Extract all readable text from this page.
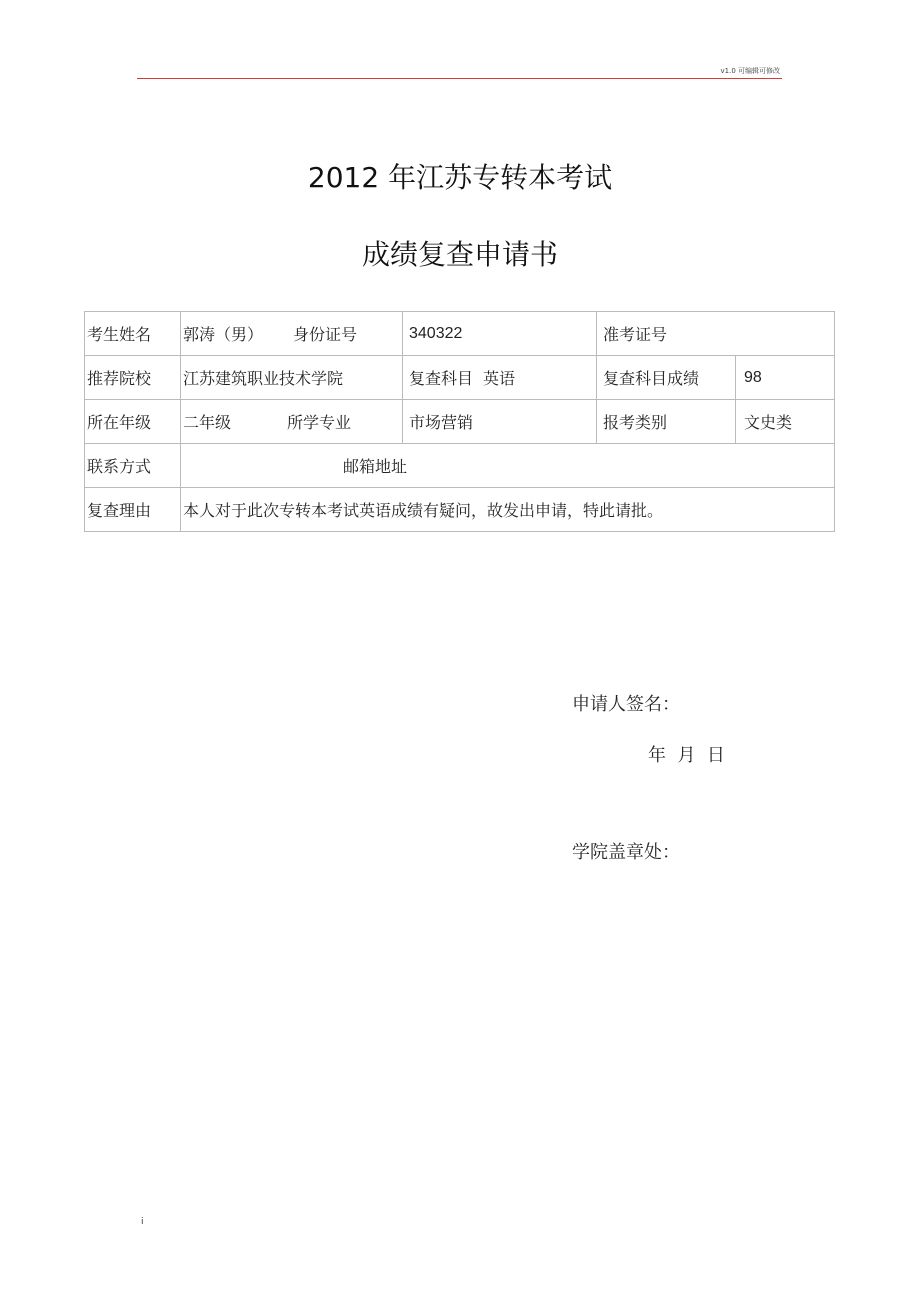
v1.0 可编辑可修改
2012 年江苏专转本考试
成绩复查申请书
考生姓名	郭涛（男） 身份证号	340322	准考证号	
推荐院校	江苏建筑职业技术学院	复查科目 英语	复查科目成绩	98
所在年级	二年级 所学专业	市场营销	报考类别	文史类
联系方式	邮箱地址			
复查理由	本人对于此次专转本考试英语成绩有疑问，故发出申请，特此请批。			
申请人签名：
年  月  日
学院盖章处：
i
